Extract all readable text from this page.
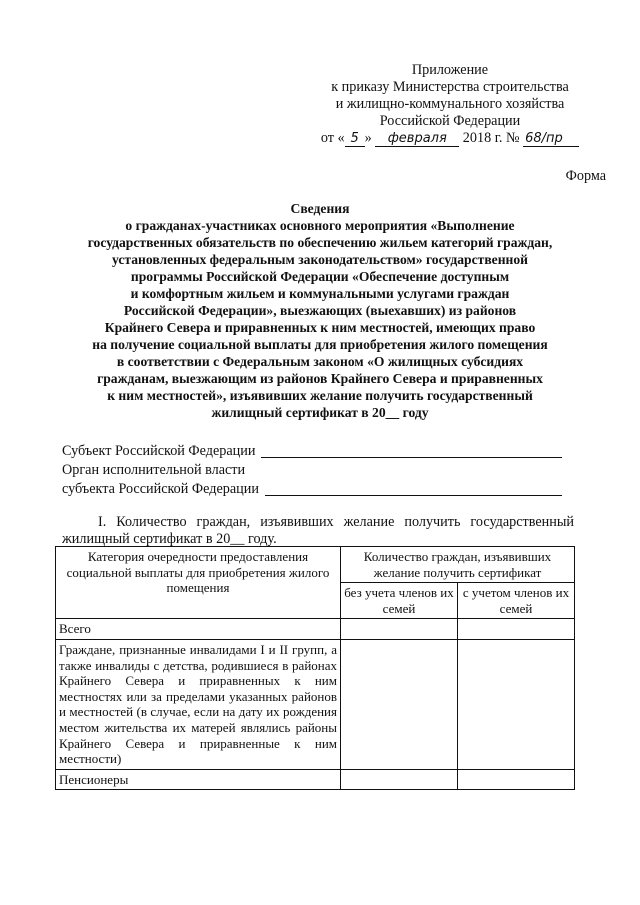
Приложение
к приказу Министерства строительства
и жилищно-коммунального хозяйства
Российской Федерации
от « 5 » февраля 2018 г. № 68/пр
Форма

Сведения

о гражданах-участниках основного мероприятия «Выполнение

государственных обязательств по обеспечению жильем категорий граждан,

установленных федеральным законодательством» государственной

программы Российской Федерации «Обеспечение доступным

и комфортным жильем и коммунальными услугами граждан

Российской Федерации», выезжающих (выехавших) из районов

Крайнего Севера и приравненных к ним местностей, имеющих право

на получение социальной выплаты для приобретения жилого помещения

в соответствии с Федеральным законом «О жилищных субсидиях

гражданам, выезжающим из районов Крайнего Севера и приравненных

к ним местностей», изъявивших желание получить государственный

жилищный сертификат в 20__ году

Субъект Российской Федерации
Орган исполнительной власти
субъекта Российской Федерации
I. Количество граждан, изъявивших желание получить государственный жилищный сертификат в 20__ году.
Категория очередности предоставления социальной выплаты для приобретения жилого помещения	Количество граждан, изъявивших желание получить сертификат	
	без учета членов их семей	с учетом членов их семей
Всего		
Граждане, признанные инвалидами I и II групп, а также инвалиды с детства, родившиеся в районах Крайнего Севера и приравненных к ним местностях или за пределами указанных районов и местностей (в случае, если на дату их рождения местом жительства их матерей являлись районы Крайнего Севера и приравненные к ним местности)		
Пенсионеры		
